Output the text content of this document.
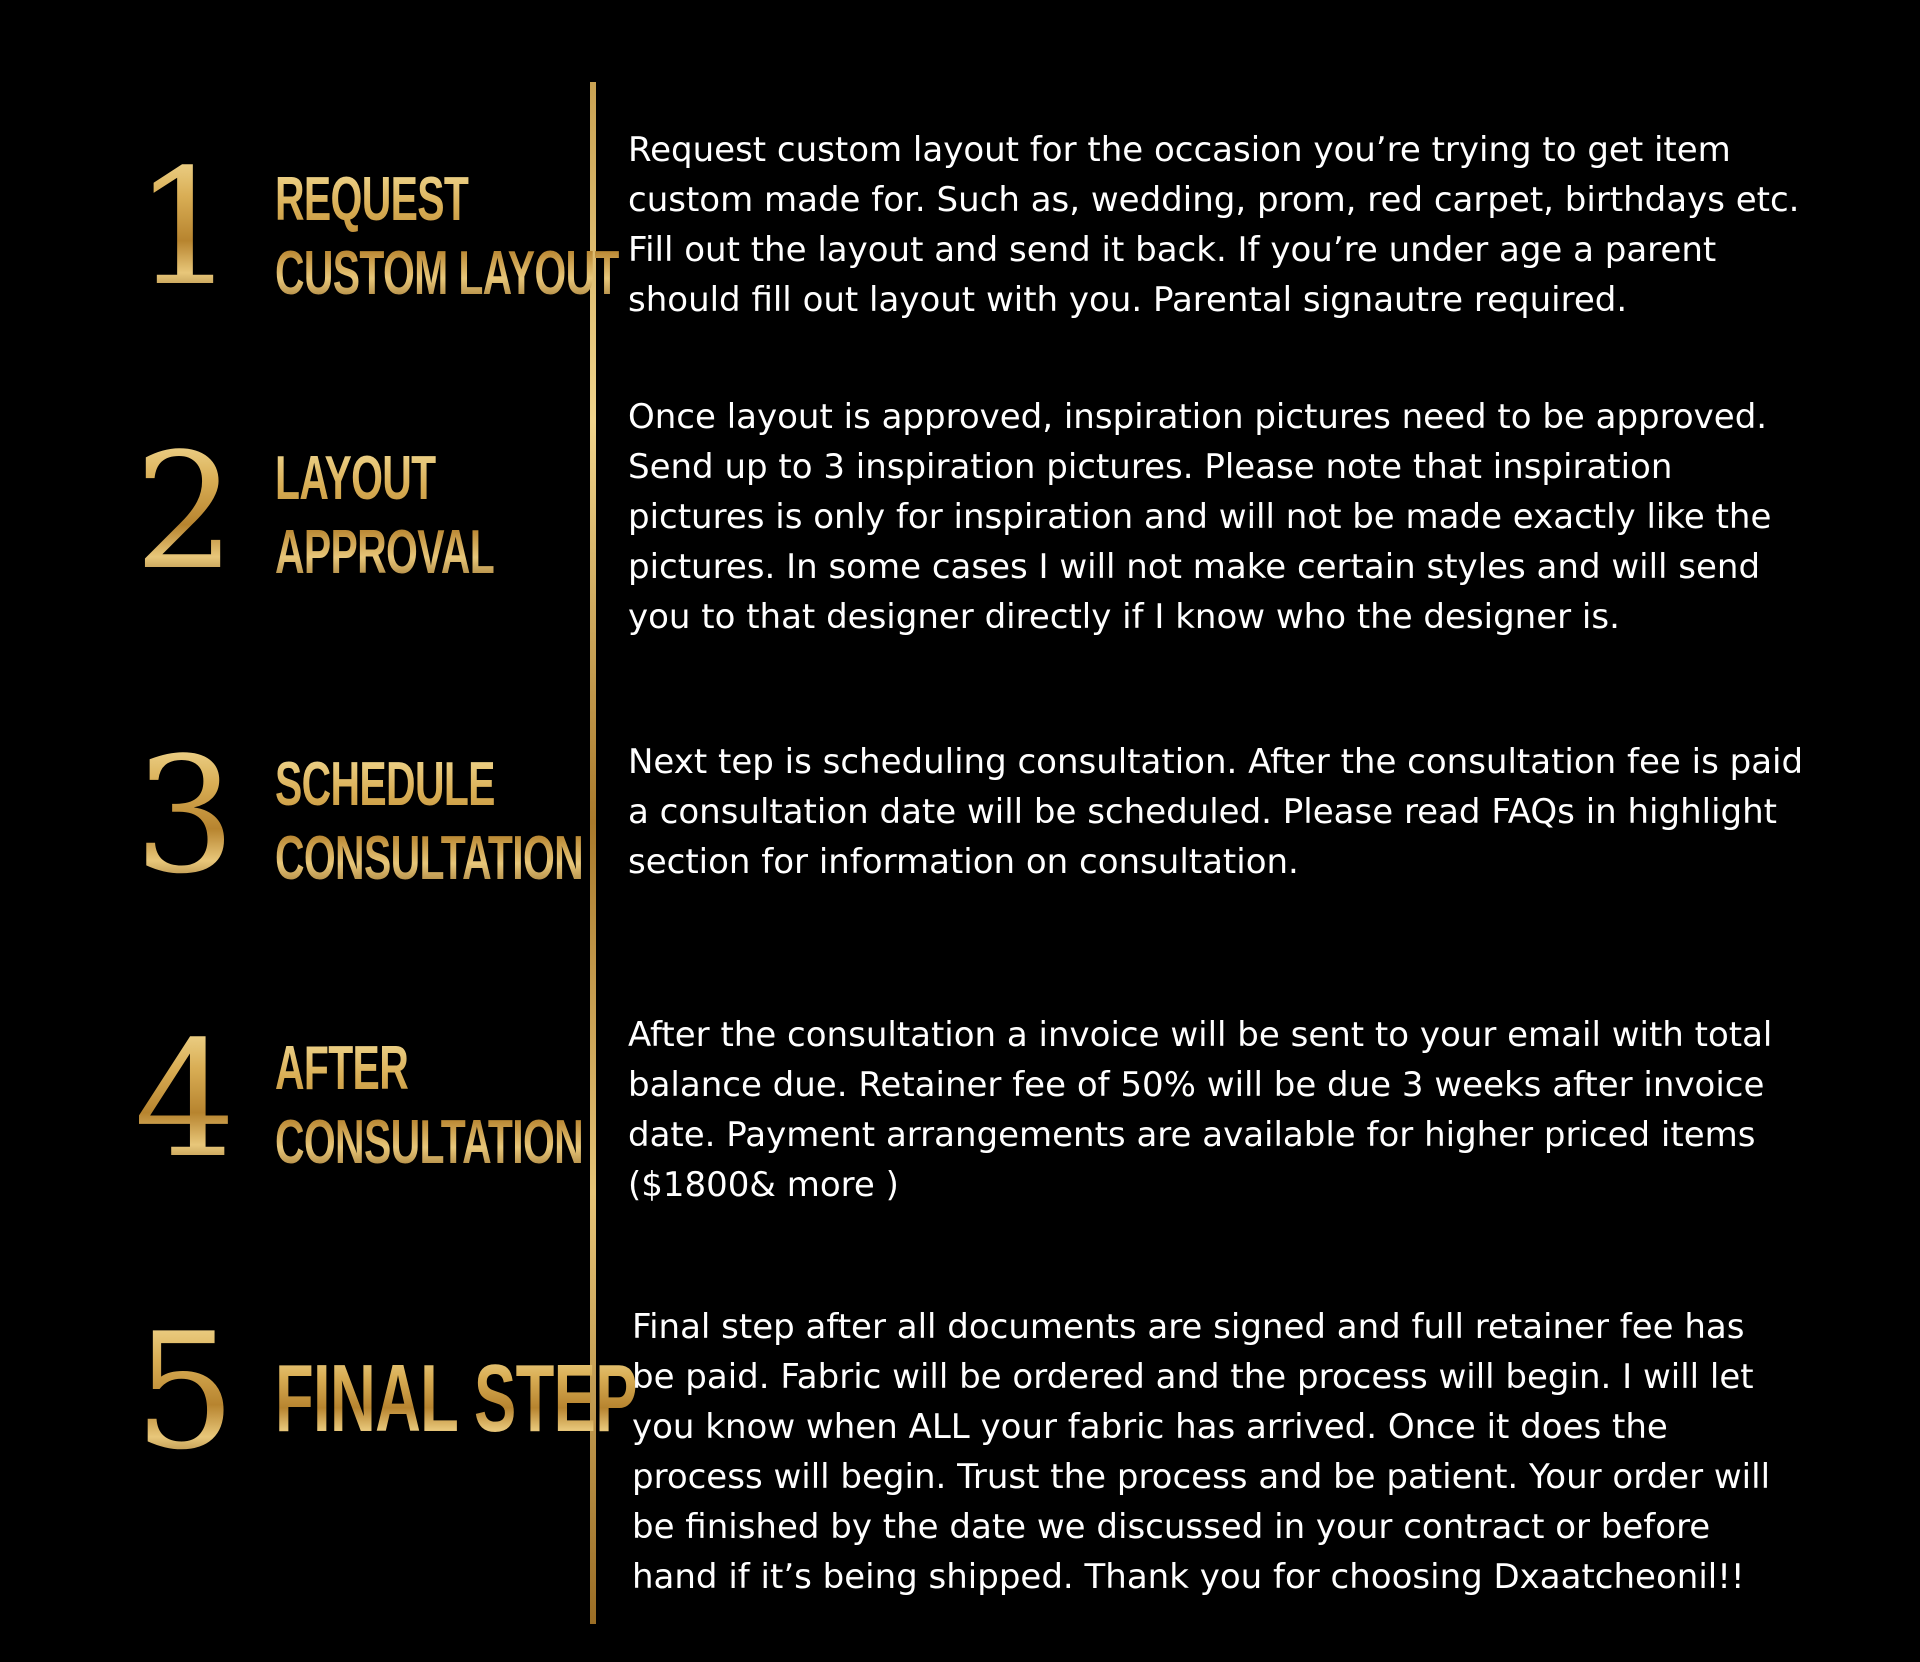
1 REQUEST
CUSTOM LAYOUT
Request custom layout for the occasion you’re trying to get item
custom made for. Such as, wedding, prom, red carpet, birthdays etc.
Fill out the layout and send it back. If you’re under age a parent
should fill out layout with you. Parental signautre required.
2 LAYOUT
APPROVAL
Once layout is approved, inspiration pictures need to be approved.
Send up to 3 inspiration pictures. Please note that inspiration
pictures is only for inspiration and will not be made exactly like the
pictures. In some cases I will not make certain styles and will send
you to that designer directly if I know who the designer is.
3 SCHEDULE
CONSULTATION
Next tep is scheduling consultation. After the consultation fee is paid
a consultation date will be scheduled. Please read FAQs in highlight
section for information on consultation.
4 AFTER
CONSULTATION
After the consultation a invoice will be sent to your email with total
balance due. Retainer fee of 50% will be due 3 weeks after invoice
date. Payment arrangements are available for higher priced items
($1800& more )
5 FINAL STEP
Final step after all documents are signed and full retainer fee has
be paid. Fabric will be ordered and the process will begin. I will let
you know when ALL your fabric has arrived. Once it does the
process will begin. Trust the process and be patient. Your order will
be finished by the date we discussed in your contract or before
hand if it’s being shipped. Thank you for choosing Dxaatcheonil!!
